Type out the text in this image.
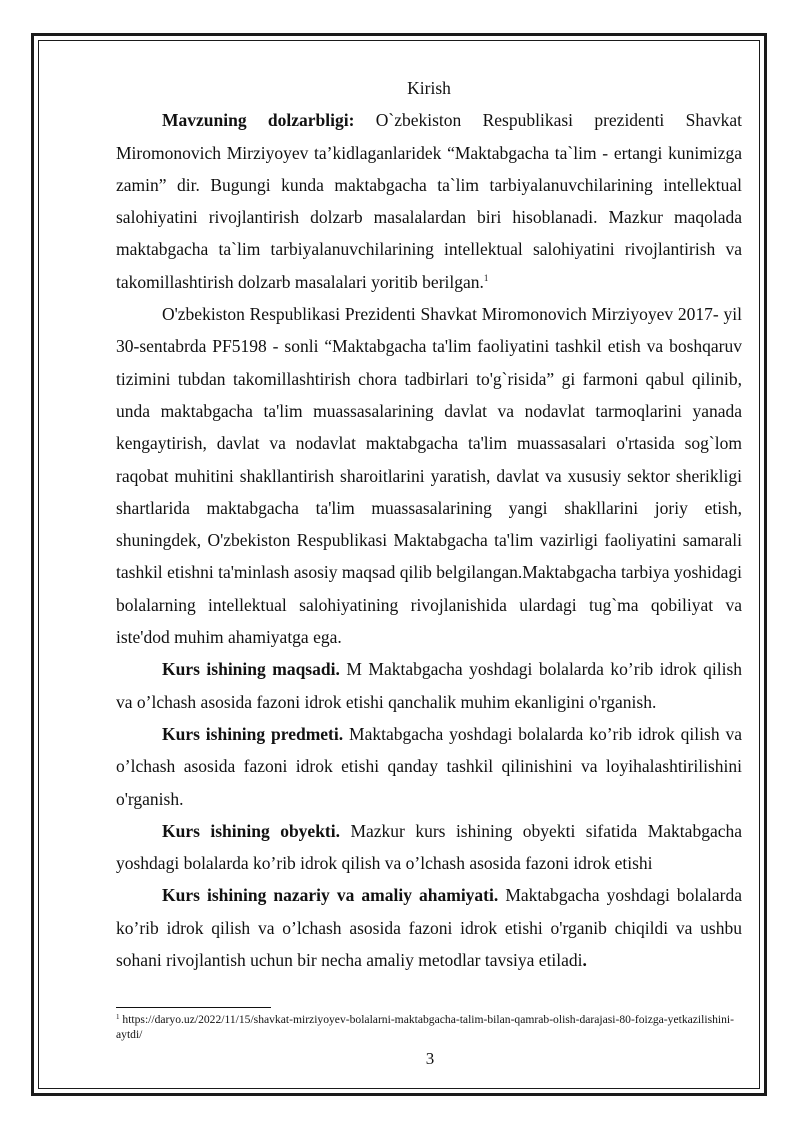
Kirish

Mavzuning dolzarbligi: O`zbekiston Respublikasi prezidenti Shavkat Miromonovich Mirziyoyev ta’kidlaganlaridek “Maktabgacha ta`lim - ertangi kunimizga zamin” dir. Bugungi kunda maktabgacha ta`lim tarbiyalanuvchilarining intellektual salohiyatini rivojlantirish dolzarb masalalardan biri hisoblanadi. Mazkur maqolada maktabgacha ta`lim tarbiyalanuvchilarining intellektual salohiyatini rivojlantirish va takomillashtirish dolzarb masalalari yoritib berilgan.$^1$

O'zbekiston Respublikasi Prezidenti Shavkat Miromonovich Mirziyoyev 2017- yil 30-sentabrda PF5198 - sonli “Maktabgacha ta'lim faoliyatini tashkil etish va boshqaruv tizimini tubdan takomillashtirish chora tadbirlari to'g`risida” gi farmoni qabul qilinib, unda maktabgacha ta'lim muassasalarining davlat va nodavlat tarmoqlarini yanada kengaytirish, davlat va nodavlat maktabgacha ta'lim muassasalari o'rtasida sog`lom raqobat muhitini shakllantirish sharoitlarini yaratish, davlat va xususiy sektor sherikligi shartlarida maktabgacha ta'lim muassasalarining yangi shakllarini joriy etish, shuningdek, O'zbekiston Respublikasi Maktabgacha ta'lim vazirligi faoliyatini samarali tashkil etishni ta'minlash asosiy maqsad qilib belgilangan.Maktabgacha tarbiya yoshidagi bolalarning intellektual salohiyatining rivojlanishida ulardagi tug`ma qobiliyat va iste'dod muhim ahamiyatga ega.

Kurs ishining maqsadi. M Maktabgacha yoshdagi bolalarda ko’rib idrok qilish va o’lchash asosida fazoni idrok etishi qanchalik muhim ekanligini o'rganish.

Kurs ishining predmeti. Maktabgacha yoshdagi bolalarda ko’rib idrok qilish va o’lchash asosida fazoni idrok etishi qanday tashkil qilinishini va loyihalashtirilishini o'rganish.

Kurs ishining obyekti. Mazkur kurs ishining obyekti sifatida Maktabgacha yoshdagi bolalarda ko’rib idrok qilish va o’lchash asosida fazoni idrok etishi

Kurs ishining nazariy va amaliy ahamiyati. Maktabgacha yoshdagi bolalarda ko’rib idrok qilish va o’lchash asosida fazoni idrok etishi o'rganib chiqildi va ushbu sohani rivojlantish uchun bir necha amaliy metodlar tavsiya etiladi.

$^1$ https://daryo.uz/2022/11/15/shavkat-mirziyoyev-bolalarni-maktabgacha-talim-bilan-qamrab-olish-darajasi-80-foizga-yetkazilishini-aytdi/
3
